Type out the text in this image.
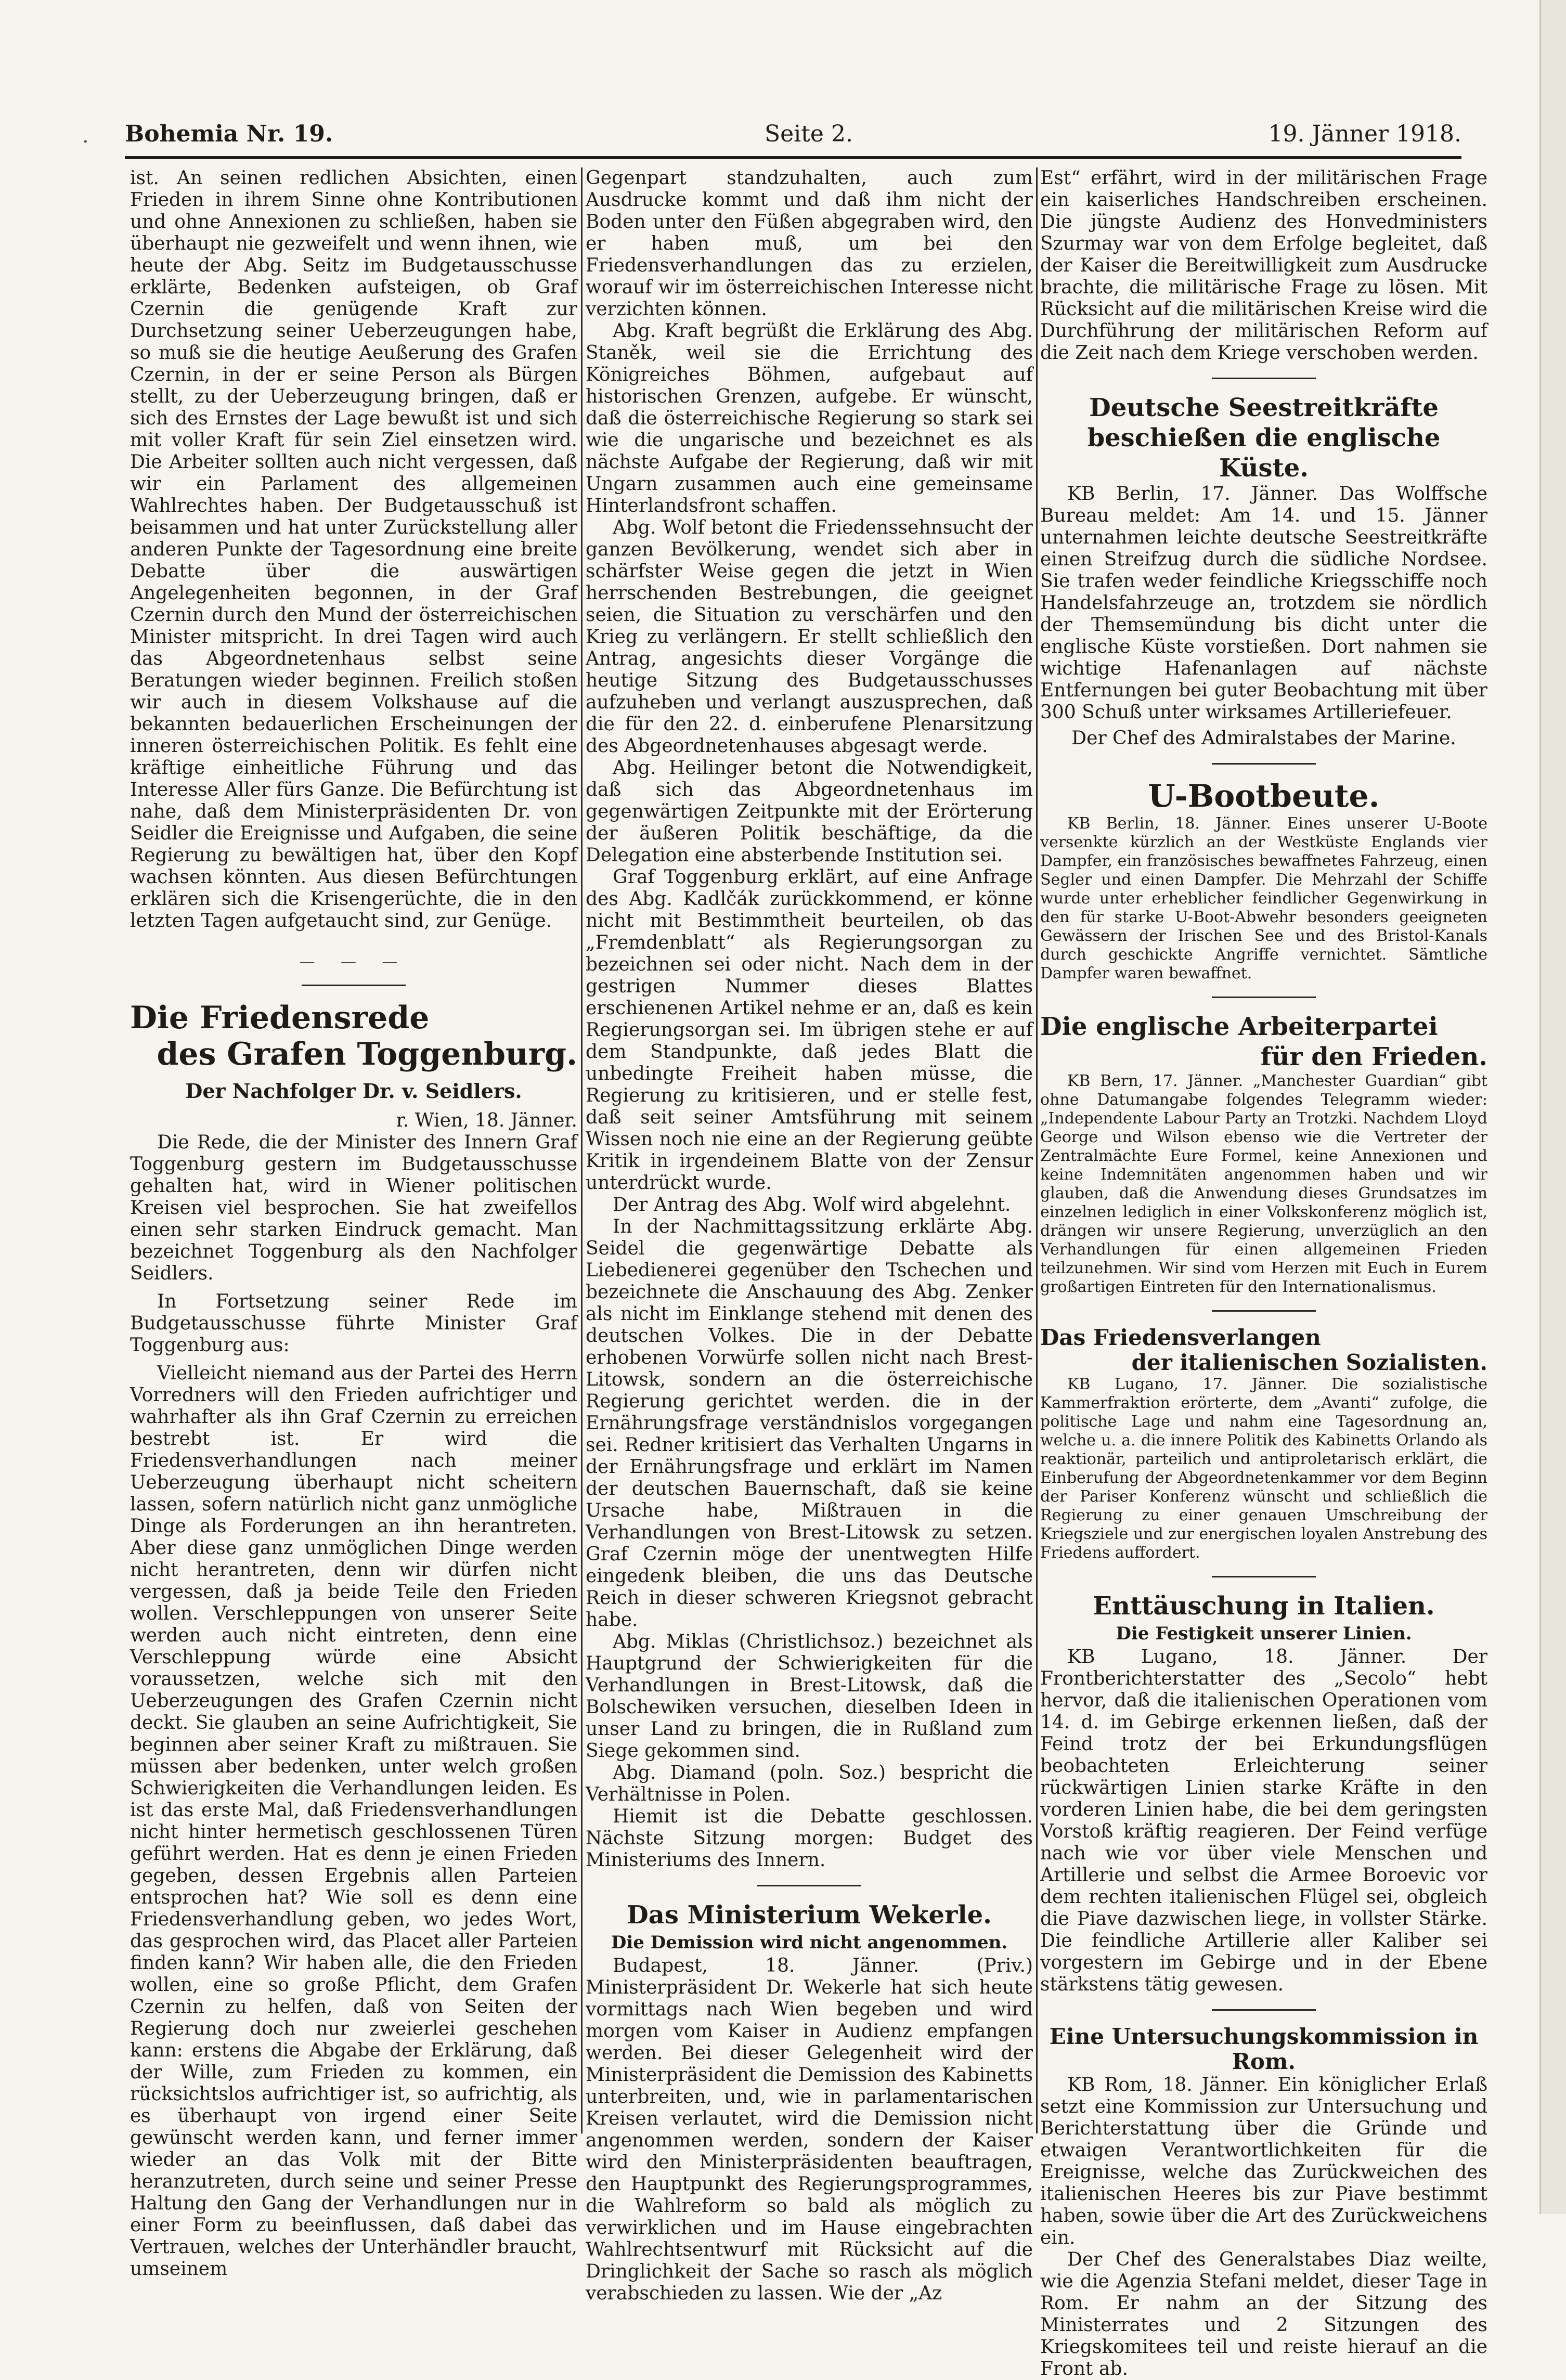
· Bohemia Nr. 19.	Seite 2.	19. Jänner 1918.

ist. An seinen redlichen Absichten, einen Frieden in ihrem Sinne ohne Kontributionen und ohne Annexionen zu schließen, haben sie überhaupt nie gezweifelt und wenn ihnen, wie heute der Abg. Seitz im Budgetausschusse erklärte, Bedenken aufsteigen, ob Graf Czernin die genügende Kraft zur Durchsetzung seiner Ueberzeugungen habe, so muß sie die heutige Aeußerung des Grafen Czernin, in der er seine Person als Bürgen stellt, zu der Ueberzeugung bringen, daß er sich des Ernstes der Lage bewußt ist und sich mit voller Kraft für sein Ziel einsetzen wird. Die Arbeiter sollten auch nicht vergessen, daß wir ein Parlament des allgemeinen Wahlrechtes haben. Der Budgetausschuß ist beisammen und hat unter Zurückstellung aller anderen Punkte der Tagesordnung eine breite Debatte über die auswärtigen Angelegenheiten begonnen, in der Graf Czernin durch den Mund der österreichischen Minister mitspricht. In drei Tagen wird auch das Abgeordnetenhaus selbst seine Beratungen wieder beginnen. Freilich stoßen wir auch in diesem Volkshause auf die bekannten bedauerlichen Erscheinungen der inneren österreichischen Politik. Es fehlt eine kräftige einheitliche Führung und das Interesse Aller fürs Ganze. Die Befürchtung ist nahe, daß dem Ministerpräsidenten Dr. von Seidler die Ereignisse und Aufgaben, die seine Regierung zu bewältigen hat, über den Kopf wachsen könnten. Aus diesen Befürchtungen erklären sich die Krisengerüchte, die in den letzten Tagen aufgetaucht sind, zur Genüge.

— — —
Die Friedensrede
des Grafen Toggenburg.
Der Nachfolger Dr. v. Seidlers.
r. Wien, 18. Jänner.

Die Rede, die der Minister des Innern Graf Toggenburg gestern im Budgetausschusse gehalten hat, wird in Wiener politischen Kreisen viel besprochen. Sie hat zweifellos einen sehr starken Eindruck gemacht. Man bezeichnet Toggenburg als den Nachfolger Seidlers.

In Fortsetzung seiner Rede im Budgetausschusse führte Minister Graf Toggenburg aus:

Vielleicht niemand aus der Partei des Herrn Vorredners will den Frieden aufrichtiger und wahrhafter als ihn Graf Czernin zu erreichen bestrebt ist. Er wird die Friedensverhandlungen nach meiner Ueberzeugung überhaupt nicht scheitern lassen, sofern natürlich nicht ganz unmögliche Dinge als Forderungen an ihn herantreten. Aber diese ganz unmöglichen Dinge werden nicht herantreten, denn wir dürfen nicht vergessen, daß ja beide Teile den Frieden wollen. Verschleppungen von unserer Seite werden auch nicht eintreten, denn eine Verschleppung würde eine Absicht voraussetzen, welche sich mit den Ueberzeugungen des Grafen Czernin nicht deckt. Sie glauben an seine Aufrichtigkeit, Sie beginnen aber seiner Kraft zu mißtrauen. Sie müssen aber bedenken, unter welch großen Schwierigkeiten die Verhandlungen leiden. Es ist das erste Mal, daß Friedensverhandlungen nicht hinter hermetisch geschlossenen Türen geführt werden. Hat es denn je einen Frieden gegeben, dessen Ergebnis allen Parteien entsprochen hat? Wie soll es denn eine Friedensverhandlung geben, wo jedes Wort, das gesprochen wird, das Placet aller Parteien finden kann? Wir haben alle, die den Frieden wollen, eine so große Pflicht, dem Grafen Czernin zu helfen, daß von Seiten der Regierung doch nur zweierlei geschehen kann: erstens die Abgabe der Erklärung, daß der Wille, zum Frieden zu kommen, ein rücksichtslos aufrichtiger ist, so aufrichtig, als es überhaupt von irgend einer Seite gewünscht werden kann, und ferner immer wieder an das Volk mit der Bitte heranzutreten, durch seine und seiner Presse Haltung den Gang der Verhandlungen nur in einer Form zu beeinflussen, daß dabei das Vertrauen, welches der Unterhändler braucht, umseinem

Gegenpart standzuhalten, auch zum Ausdrucke kommt und daß ihm nicht der Boden unter den Füßen abgegraben wird, den er haben muß, um bei den Friedensverhandlungen das zu erzielen, worauf wir im österreichischen Interesse nicht verzichten können.

Abg. Kraft begrüßt die Erklärung des Abg. Staněk, weil sie die Errichtung des Königreiches Böhmen, aufgebaut auf historischen Grenzen, aufgebe. Er wünscht, daß die österreichische Regierung so stark sei wie die ungarische und bezeichnet es als nächste Aufgabe der Regierung, daß wir mit Ungarn zusammen auch eine gemeinsame Hinterlandsfront schaffen.

Abg. Wolf betont die Friedenssehnsucht der ganzen Bevölkerung, wendet sich aber in schärfster Weise gegen die jetzt in Wien herrschenden Bestrebungen, die geeignet seien, die Situation zu verschärfen und den Krieg zu verlängern. Er stellt schließlich den Antrag, angesichts dieser Vorgänge die heutige Sitzung des Budgetausschusses aufzuheben und verlangt auszusprechen, daß die für den 22. d. einberufene Plenarsitzung des Abgeordnetenhauses abgesagt werde.

Abg. Heilinger betont die Notwendigkeit, daß sich das Abgeordnetenhaus im gegenwärtigen Zeitpunkte mit der Erörterung der äußeren Politik beschäftige, da die Delegation eine absterbende Institution sei.

Graf Toggenburg erklärt, auf eine Anfrage des Abg. Kadlčák zurückkommend, er könne nicht mit Bestimmtheit beurteilen, ob das „Fremdenblatt“ als Regierungsorgan zu bezeichnen sei oder nicht. Nach dem in der gestrigen Nummer dieses Blattes erschienenen Artikel nehme er an, daß es kein Regierungsorgan sei. Im übrigen stehe er auf dem Standpunkte, daß jedes Blatt die unbedingte Freiheit haben müsse, die Regierung zu kritisieren, und er stelle fest, daß seit seiner Amtsführung mit seinem Wissen noch nie eine an der Regierung geübte Kritik in irgendeinem Blatte von der Zensur unterdrückt wurde.

Der Antrag des Abg. Wolf wird abgelehnt.

In der Nachmittagssitzung erklärte Abg. Seidel die gegenwärtige Debatte als Liebedienerei gegenüber den Tschechen und bezeichnete die Anschauung des Abg. Zenker als nicht im Einklange stehend mit denen des deutschen Volkes. Die in der Debatte erhobenen Vorwürfe sollen nicht nach Brest-Litowsk, sondern an die österreichische Regierung gerichtet werden. die in der Ernährungsfrage verständnislos vorgegangen sei. Redner kritisiert das Verhalten Ungarns in der Ernährungsfrage und erklärt im Namen der deutschen Bauernschaft, daß sie keine Ursache habe, Mißtrauen in die Verhandlungen von Brest-Litowsk zu setzen. Graf Czernin möge der unentwegten Hilfe eingedenk bleiben, die uns das Deutsche Reich in dieser schweren Kriegsnot gebracht habe.

Abg. Miklas (Christlichsoz.) bezeichnet als Hauptgrund der Schwierigkeiten für die Verhandlungen in Brest-Litowsk, daß die Bolschewiken versuchen, dieselben Ideen in unser Land zu bringen, die in Rußland zum Siege gekommen sind.

Abg. Diamand (poln. Soz.) bespricht die Verhältnisse in Polen.

Hiemit ist die Debatte geschlossen. Nächste Sitzung morgen: Budget des Ministeriums des Innern.

Das Ministerium Wekerle.
Die Demission wird nicht angenommen.

Budapest, 18. Jänner. (Priv.) Ministerpräsident Dr. Wekerle hat sich heute vormittags nach Wien begeben und wird morgen vom Kaiser in Audienz empfangen werden. Bei dieser Gelegenheit wird der Ministerpräsident die Demission des Kabinetts unterbreiten, und, wie in parlamentarischen Kreisen verlautet, wird die Demission nicht angenommen werden, sondern der Kaiser wird den Ministerpräsidenten beauftragen, den Hauptpunkt des Regierungsprogrammes, die Wahlreform so bald als möglich zu verwirklichen und im Hause eingebrachten Wahlrechtsentwurf mit Rücksicht auf die Dringlichkeit der Sache so rasch als möglich verabschieden zu lassen. Wie der „Az

Est“ erfährt, wird in der militärischen Frage ein kaiserliches Handschreiben erscheinen. Die jüngste Audienz des Honvedministers Szurmay war von dem Erfolge begleitet, daß der Kaiser die Bereitwilligkeit zum Ausdrucke brachte, die militärische Frage zu lösen. Mit Rücksicht auf die militärischen Kreise wird die Durchführung der militärischen Reform auf die Zeit nach dem Kriege verschoben werden.

Deutsche Seestreitkräfte beschießen die englische Küste.

KB Berlin, 17. Jänner. Das Wolffsche Bureau meldet: Am 14. und 15. Jänner unternahmen leichte deutsche Seestreitkräfte einen Streifzug durch die südliche Nordsee. Sie trafen weder feindliche Kriegsschiffe noch Handelsfahrzeuge an, trotzdem sie nördlich der Themsemündung bis dicht unter die englische Küste vorstießen. Dort nahmen sie wichtige Hafenanlagen auf nächste Entfernungen bei guter Beobachtung mit über 300 Schuß unter wirksames Artilleriefeuer.

Der Chef des Admiralstabes der Marine.
U-Bootbeute.

KB Berlin, 18. Jänner. Eines unserer U-Boote versenkte kürzlich an der Westküste Englands vier Dampfer, ein französisches bewaffnetes Fahrzeug, einen Segler und einen Dampfer. Die Mehrzahl der Schiffe wurde unter erheblicher feindlicher Gegenwirkung in den für starke U-Boot-Abwehr besonders geeigneten Gewässern der Irischen See und des Bristol-Kanals durch geschickte Angriffe vernichtet. Sämtliche Dampfer waren bewaffnet.

Die englische Arbeiterpartei
für den Frieden.

KB Bern, 17. Jänner. „Manchester Guardian“ gibt ohne Datumangabe folgendes Telegramm wieder: „Independente Labour Party an Trotzki. Nachdem Lloyd George und Wilson ebenso wie die Vertreter der Zentralmächte Eure Formel, keine Annexionen und keine Indemnitäten angenommen haben und wir glauben, daß die Anwendung dieses Grundsatzes im einzelnen lediglich in einer Volkskonferenz möglich ist, drängen wir unsere Regierung, unverzüglich an den Verhandlungen für einen allgemeinen Frieden teilzunehmen. Wir sind vom Herzen mit Euch in Eurem großartigen Eintreten für den Internationalismus.

Das Friedensverlangen
der italienischen Sozialisten.

KB Lugano, 17. Jänner. Die sozialistische Kammerfraktion erörterte, dem „Avanti“ zufolge, die politische Lage und nahm eine Tagesordnung an, welche u. a. die innere Politik des Kabinetts Orlando als reaktionär, parteilich und antiproletarisch erklärt, die Einberufung der Abgeordnetenkammer vor dem Beginn der Pariser Konferenz wünscht und schließlich die Regierung zu einer genauen Umschreibung der Kriegsziele und zur energischen loyalen Anstrebung des Friedens auffordert.

Enttäuschung in Italien.
Die Festigkeit unserer Linien.

KB Lugano, 18. Jänner. Der Frontberichterstatter des „Secolo“ hebt hervor, daß die italienischen Operationen vom 14. d. im Gebirge erkennen ließen, daß der Feind trotz der bei Erkundungsflügen beobachteten Erleichterung seiner rückwärtigen Linien starke Kräfte in den vorderen Linien habe, die bei dem geringsten Vorstoß kräftig reagieren. Der Feind verfüge nach wie vor über viele Menschen und Artillerie und selbst die Armee Boroevic vor dem rechten italienischen Flügel sei, obgleich die Piave dazwischen liege, in vollster Stärke. Die feindliche Artillerie aller Kaliber sei vorgestern im Gebirge und in der Ebene stärkstens tätig gewesen.

Eine Untersuchungskommission in Rom.

KB Rom, 18. Jänner. Ein königlicher Erlaß setzt eine Kommission zur Untersuchung und Berichterstattung über die Gründe und etwaigen Verantwortlichkeiten für die Ereignisse, welche das Zurückweichen des italienischen Heeres bis zur Piave bestimmt haben, sowie über die Art des Zurückweichens ein.

Der Chef des Generalstabes Diaz weilte, wie die Agenzia Stefani meldet, dieser Tage in Rom. Er nahm an der Sitzung des Ministerrates und 2 Sitzungen des Kriegskomitees teil und reiste hierauf an die Front ab.
